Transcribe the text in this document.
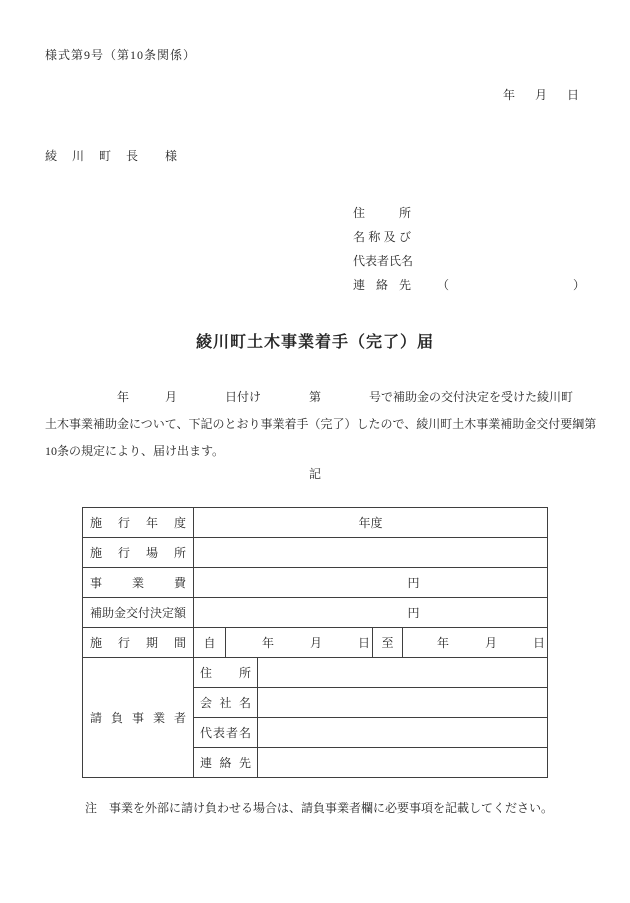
様式第9号（第10条関係）
年 月 日
綾川町長 様
住所
名称及び
代表者氏名
連絡先 （	）
綾川町土木事業着手（完了）届
　　　　　　年　　　月　　　　日付け　　　　第　　　　号で補助金の交付決定を受けた綾川町
土木事業補助金について、下記のとおり事業着手（完了）したので、綾川町土木事業補助金交付要綱第
10条の規定により、届け出ます。
記
施行年度	年度				
施行場所					
事業費	円				
補助金交付決定額	円				
施行期間	自	年　　　月　　　日		至	年　　　月　　　日
請負事業者	住所				
	会社名				
	代表者名				
	連絡先				
注　事業を外部に請け負わせる場合は、請負事業者欄に必要事項を記載してください。
